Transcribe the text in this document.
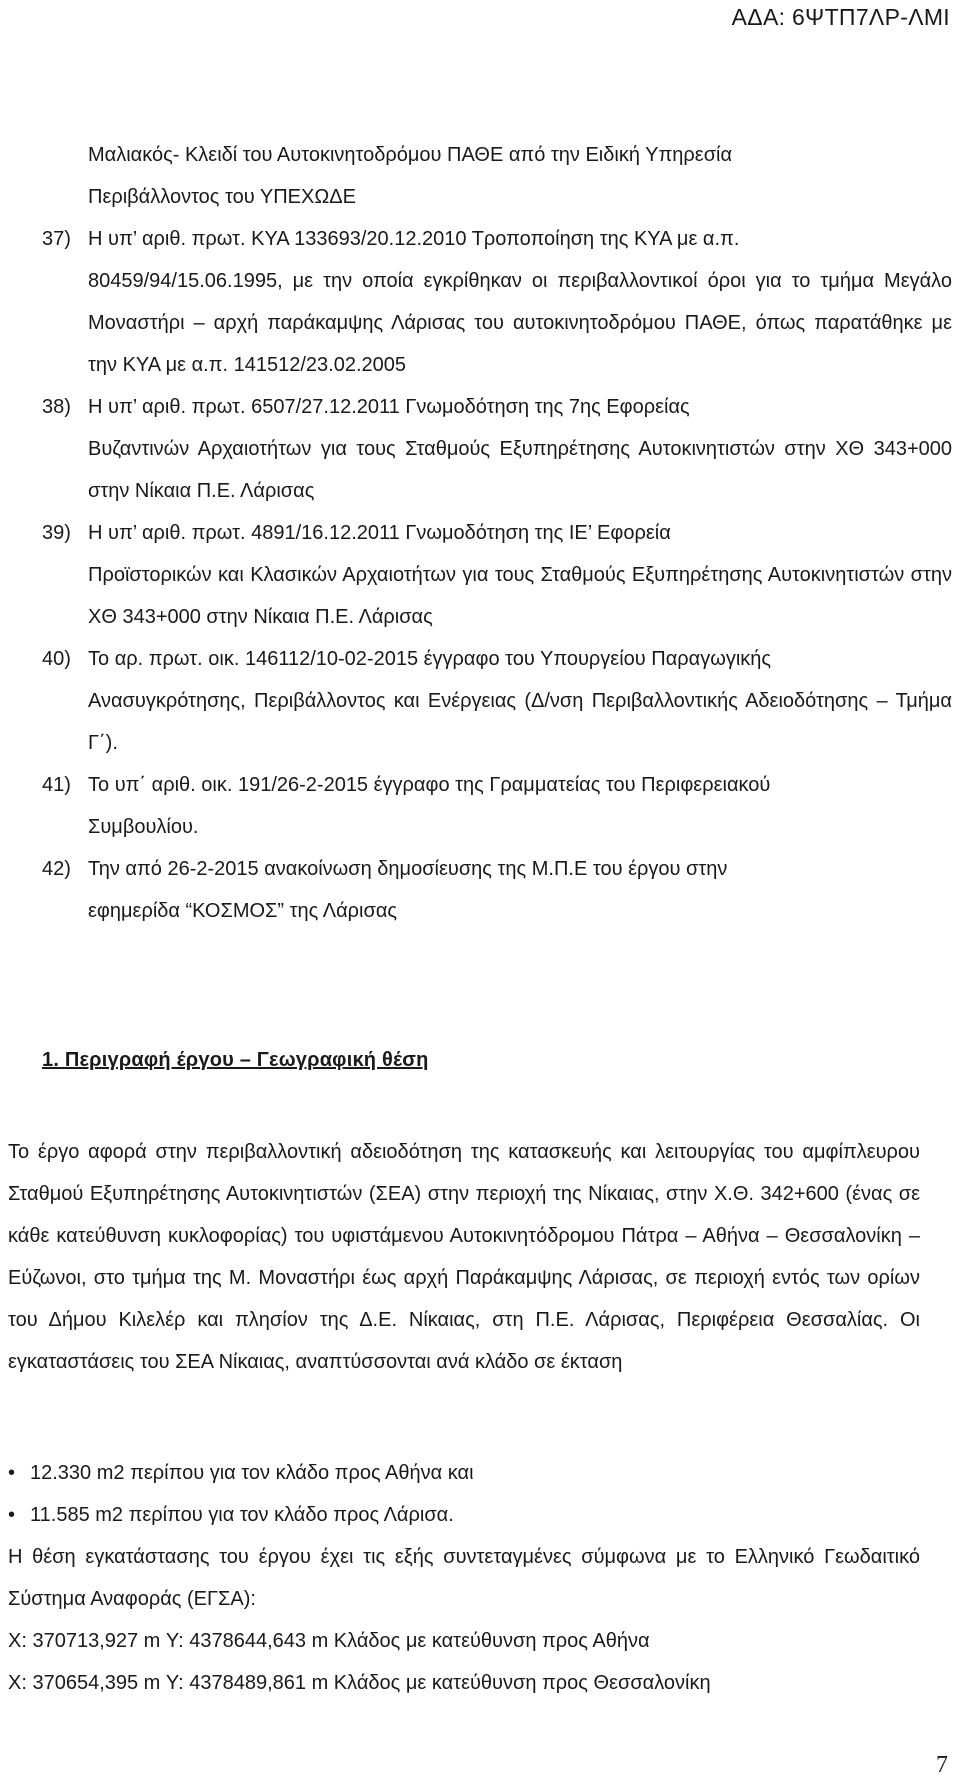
ΑΔΑ: 6ΨΤΠ7ΛΡ-ΛΜΙ
Μαλιακός- Κλειδί του Αυτοκινητοδρόμου ΠΑΘΕ από την Ειδική Υπηρεσία
Περιβάλλοντος του ΥΠΕΧΩΔΕ
37) Η υπ’ αριθ. πρωτ. ΚΥΑ 133693/20.12.2010 Τροποποίηση της ΚΥΑ με α.π.
80459/94/15.06.1995, με την οποία εγκρίθηκαν οι περιβαλλοντικοί όροι για το τμήμα Μεγάλο Μοναστήρι – αρχή παράκαμψης Λάρισας του αυτοκινητοδρόμου ΠΑΘΕ, όπως παρατάθηκε με την ΚΥΑ με α.π. 141512/23.02.2005
38) Η υπ’ αριθ. πρωτ. 6507/27.12.2011 Γνωμοδότηση της 7ης Εφορείας
Βυζαντινών Αρχαιοτήτων για τους Σταθμούς Εξυπηρέτησης Αυτοκινητιστών στην ΧΘ 343+000 στην Νίκαια Π.Ε. Λάρισας
39) Η υπ’ αριθ. πρωτ. 4891/16.12.2011 Γνωμοδότηση της ΙΕ’ Εφορεία
Προϊστορικών και Κλασικών Αρχαιοτήτων για τους Σταθμούς Εξυπηρέτησης Αυτοκινητιστών στην ΧΘ 343+000 στην Νίκαια Π.Ε. Λάρισας
40) Το αρ. πρωτ. οικ. 146112/10-02-2015 έγγραφο του Υπουργείου Παραγωγικής
Ανασυγκρότησης, Περιβάλλοντος και Ενέργειας (Δ/νση Περιβαλλοντικής Αδειοδότησης – Τμήμα Γ΄).
41) Το υπ΄ αριθ. οικ. 191/26-2-2015 έγγραφο της Γραμματείας του Περιφερειακού
Συμβουλίου.
42) Την από 26-2-2015 ανακοίνωση δημοσίευσης της Μ.Π.Ε του έργου στην
εφημερίδα “ΚΟΣΜΟΣ” της Λάρισας
1. Περιγραφή έργου – Γεωγραφική θέση
Το έργο αφορά στην περιβαλλοντική αδειοδότηση της κατασκευής και λειτουργίας του αμφίπλευρου Σταθμού Εξυπηρέτησης Αυτοκινητιστών (ΣΕΑ) στην περιοχή της Νίκαιας, στην Χ.Θ. 342+600 (ένας σε κάθε κατεύθυνση κυκλοφορίας) του υφιστάμενου Αυτοκινητόδρομου Πάτρα – Αθήνα – Θεσσαλονίκη – Εύζωνοι, στο τμήμα της Μ. Μοναστήρι έως αρχή Παράκαμψης Λάρισας, σε περιοχή εντός των ορίων του Δήμου Κιλελέρ και πλησίον της Δ.Ε. Νίκαιας, στη Π.Ε. Λάρισας, Περιφέρεια Θεσσαλίας. Οι εγκαταστάσεις του ΣΕΑ Νίκαιας, αναπτύσσονται ανά κλάδο σε έκταση
• 12.330 m2 περίπου για τον κλάδο προς Αθήνα και
• 11.585 m2 περίπου για τον κλάδο προς Λάρισα.
Η θέση εγκατάστασης του έργου έχει τις εξής συντεταγμένες σύμφωνα με το Ελληνικό Γεωδαιτικό Σύστημα Αναφοράς (ΕΓΣΑ):
Χ: 370713,927 m Υ: 4378644,643 m Κλάδος με κατεύθυνση προς Αθήνα
Χ: 370654,395 m Υ: 4378489,861 m Κλάδος με κατεύθυνση προς Θεσσαλονίκη
7
